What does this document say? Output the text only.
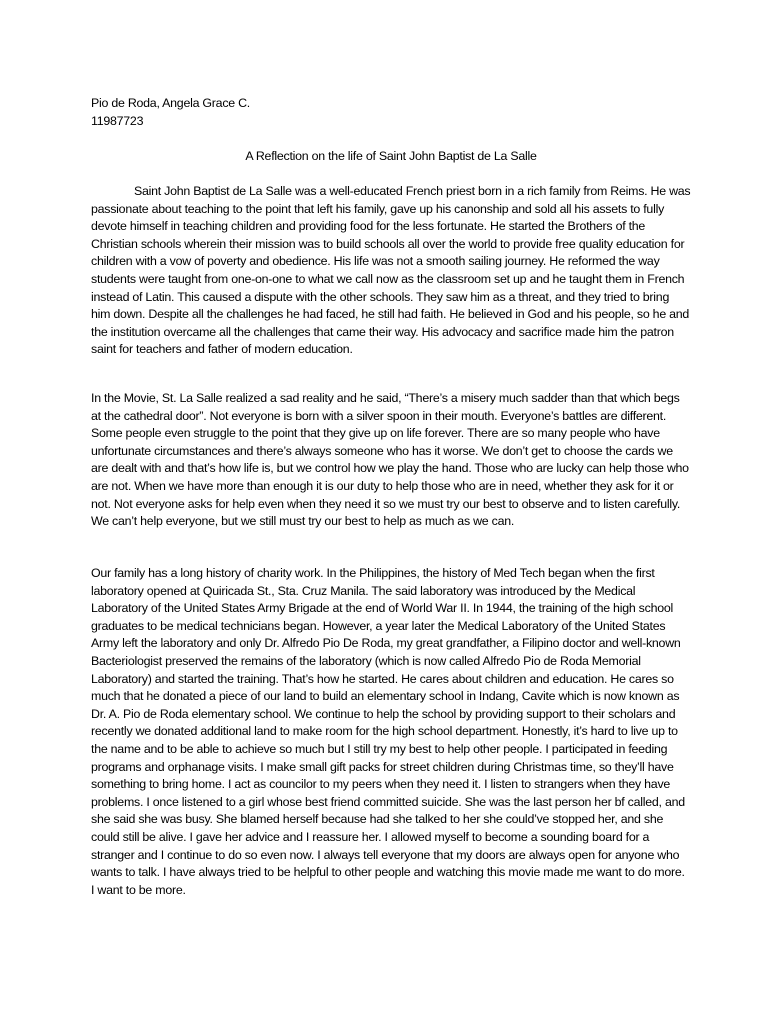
Pio de Roda, Angela Grace C.

11987723

A Reflection on the life of Saint John Baptist de La Salle

Saint John Baptist de La Salle was a well-educated French priest born in a rich family from Reims. He was passionate about teaching to the point that left his family, gave up his canonship and sold all his assets to fully devote himself in teaching children and providing food for the less fortunate. He started the Brothers of the Christian schools wherein their mission was to build schools all over the world to provide free quality education for children with a vow of poverty and obedience. His life was not a smooth sailing journey. He reformed the way students were taught from one-on-one to what we call now as the classroom set up and he taught them in French instead of Latin. This caused a dispute with the other schools. They saw him as a threat, and they tried to bring him down. Despite all the challenges he had faced, he still had faith. He believed in God and his people, so he and the institution overcame all the challenges that came their way. His advocacy and sacrifice made him the patron saint for teachers and father of modern education.

In the Movie, St. La Salle realized a sad reality and he said, “There’s a misery much sadder than that which begs at the cathedral door”. Not everyone is born with a silver spoon in their mouth. Everyone’s battles are different. Some people even struggle to the point that they give up on life forever. There are so many people who have unfortunate circumstances and there’s always someone who has it worse. We don’t get to choose the cards we are dealt with and that’s how life is, but we control how we play the hand. Those who are lucky can help those who are not. When we have more than enough it is our duty to help those who are in need, whether they ask for it or not. Not everyone asks for help even when they need it so we must try our best to observe and to listen carefully. We can’t help everyone, but we still must try our best to help as much as we can.

Our family has a long history of charity work. In the Philippines, the history of Med Tech began when the first laboratory opened at Quiricada St., Sta. Cruz Manila. The said laboratory was introduced by the Medical Laboratory of the United States Army Brigade at the end of World War II. In 1944, the training of the high school graduates to be medical technicians began. However, a year later the Medical Laboratory of the United States Army left the laboratory and only Dr. Alfredo Pio De Roda, my great grandfather, a Filipino doctor and well-known Bacteriologist preserved the remains of the laboratory (which is now called Alfredo Pio de Roda Memorial Laboratory) and started the training. That’s how he started. He cares about children and education. He cares so much that he donated a piece of our land to build an elementary school in Indang, Cavite which is now known as Dr. A. Pio de Roda elementary school. We continue to help the school by providing support to their scholars and recently we donated additional land to make room for the high school department. Honestly, it’s hard to live up to the name and to be able to achieve so much but I still try my best to help other people. I participated in feeding programs and orphanage visits. I make small gift packs for street children during Christmas time, so they’ll have something to bring home. I act as councilor to my peers when they need it. I listen to strangers when they have problems. I once listened to a girl whose best friend committed suicide. She was the last person her bf called, and she said she was busy. She blamed herself because had she talked to her she could’ve stopped her, and she could still be alive. I gave her advice and I reassure her. I allowed myself to become a sounding board for a stranger and I continue to do so even now. I always tell everyone that my doors are always open for anyone who wants to talk. I have always tried to be helpful to other people and watching this movie made me want to do more. I want to be more.
